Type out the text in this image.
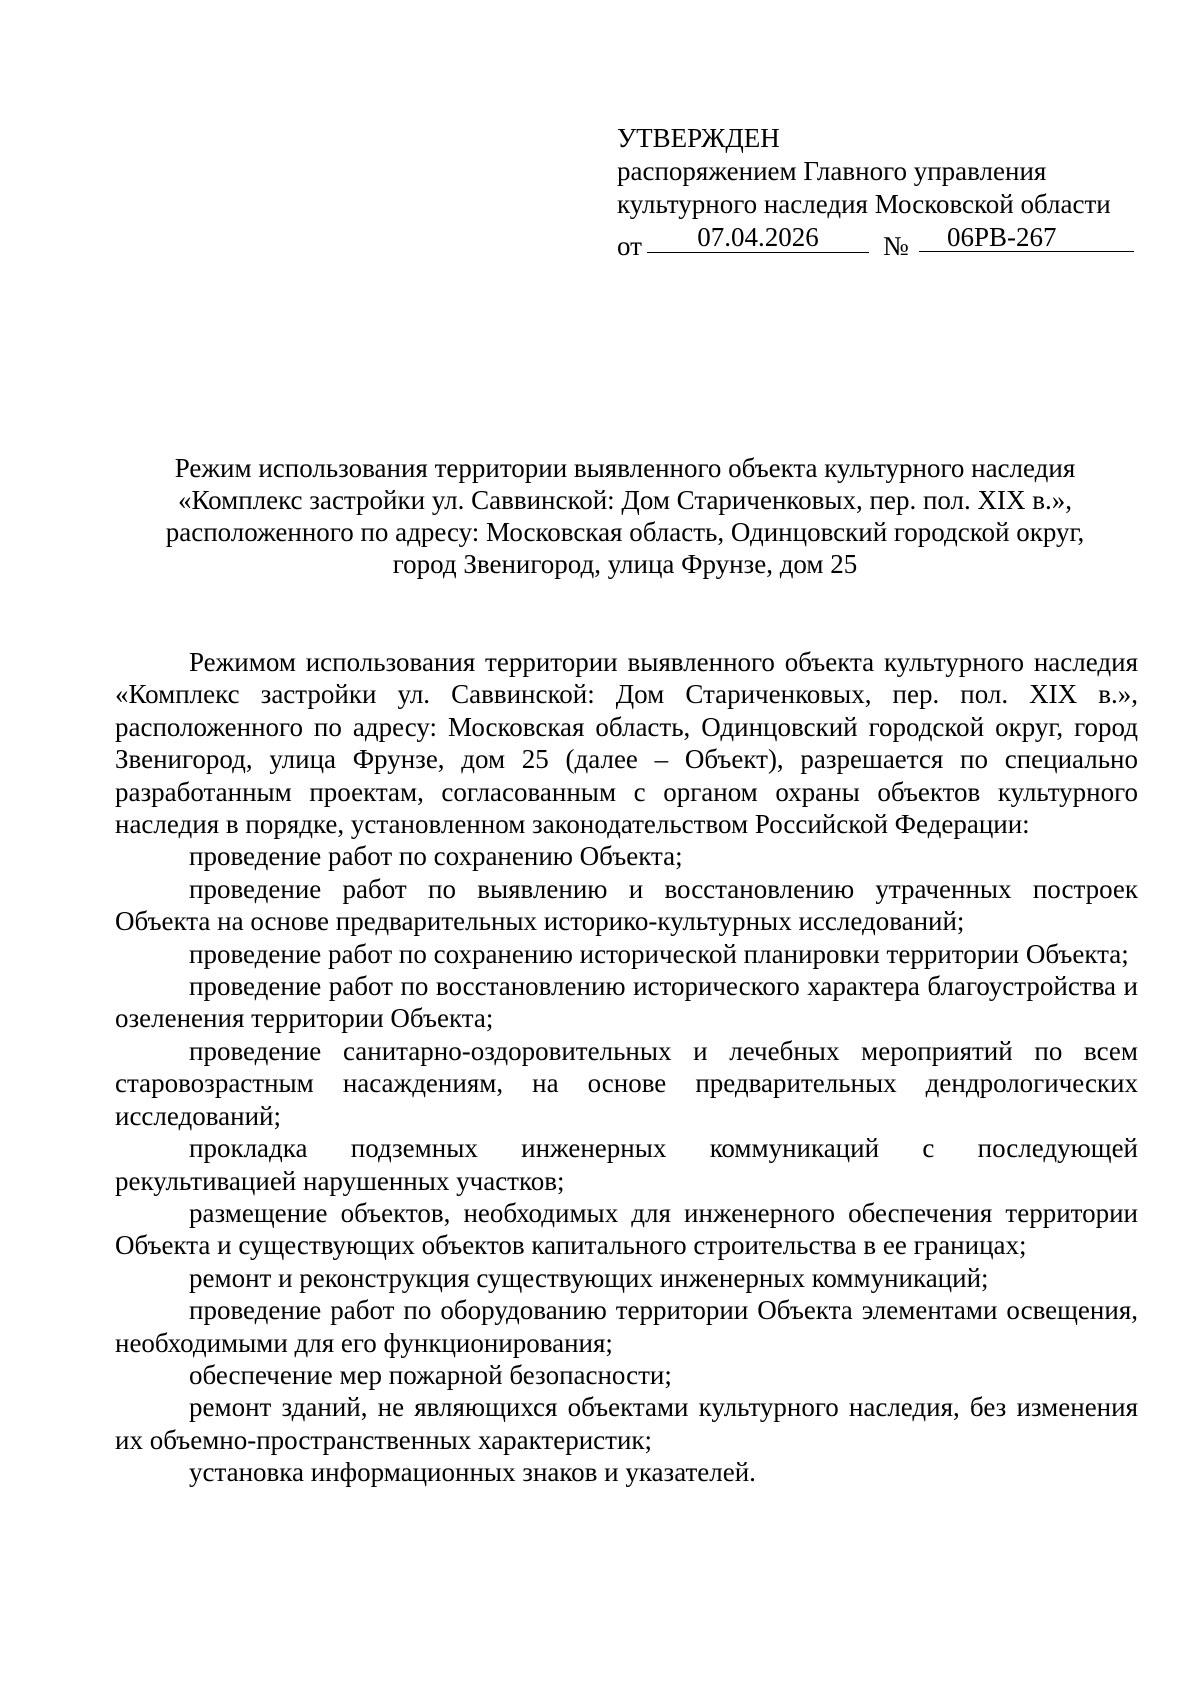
УТВЕРЖДЕН
распоряжением Главного управления
культурного наследия Московской области
от	07.04.2026	№	06РВ-267
Режим использования территории выявленного объекта культурного наследия
«Комплекс застройки ул. Саввинской: Дом Стариченковых, пер. пол. XIX в.»,
расположенного по адресу: Московская область, Одинцовский городской округ,
город Звенигород, улица Фрунзе, дом 25

Режимом использования территории выявленного объекта культурного наследия «Комплекс застройки ул. Саввинской: Дом Стариченковых, пер. пол. XIX в.», расположенного по адресу: Московская область, Одинцовский городской округ, город Звенигород, улица Фрунзе, дом 25 (далее – Объект), разрешается по специально разработанным проектам, согласованным с органом охраны объектов культурного наследия в порядке, установленном законодательством Российской Федерации:

проведение работ по сохранению Объекта;

проведение работ по выявлению и восстановлению утраченных построек Объекта на основе предварительных историко-культурных исследований;

проведение работ по сохранению исторической планировки территории Объекта;

проведение работ по восстановлению исторического характера благоустройства и озеленения территории Объекта;

проведение санитарно-оздоровительных и лечебных мероприятий по всем старовозрастным насаждениям, на основе предварительных дендрологических исследований;

прокладка подземных инженерных коммуникаций с последующей рекультивацией нарушенных участков;

размещение объектов, необходимых для инженерного обеспечения территории Объекта и существующих объектов капитального строительства в ее границах;

ремонт и реконструкция существующих инженерных коммуникаций;

проведение работ по оборудованию территории Объекта элементами освещения, необходимыми для его функционирования;

обеспечение мер пожарной безопасности;

ремонт зданий, не являющихся объектами культурного наследия, без изменения их объемно-пространственных характеристик;

установка информационных знаков и указателей.
